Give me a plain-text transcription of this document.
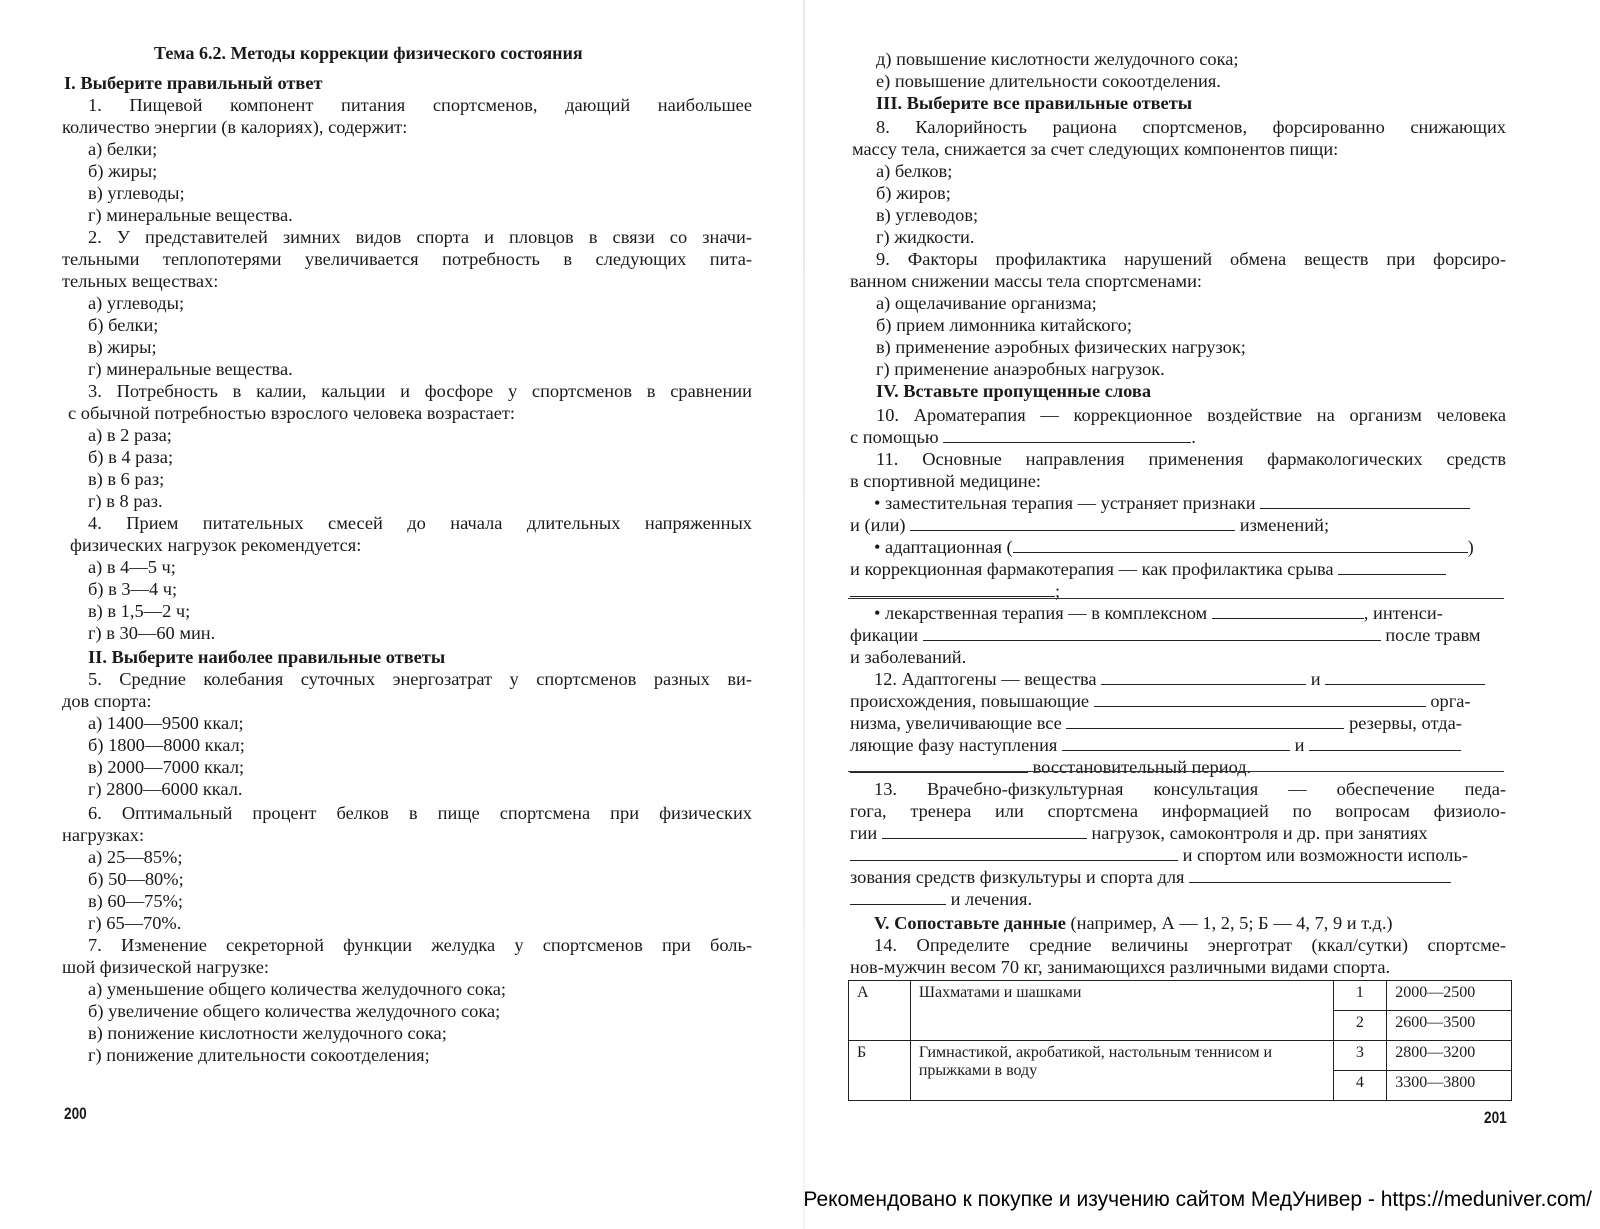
Тема 6.2. Методы коррекции физического состояния
I. Выберите правильный ответ
1. Пищевой компонент питания спортсменов, дающий наибольшее
количество энергии (в калориях), содержит:
а) белки;
б) жиры;
в) углеводы;
г) минеральные вещества.
2. У представителей зимних видов спорта и пловцов в связи со значи-
тельными теплопотерями увеличивается потребность в следующих пита-
тельных веществах:
а) углеводы;
б) белки;
в) жиры;
г) минеральные вещества.
3. Потребность в калии, кальции и фосфоре у спортсменов в сравнении
с обычной потребностью взрослого человека возрастает:
а) в 2 раза;
б) в 4 раза;
в) в 6 раз;
г) в 8 раз.
4. Прием питательных смесей до начала длительных напряженных
физических нагрузок рекомендуется:
а) в 4—5 ч;
б) в 3—4 ч;
в) в 1,5—2 ч;
г) в 30—60 мин.
II. Выберите наиболее правильные ответы
5. Средние колебания суточных энергозатрат у спортсменов разных ви-
дов спорта:
а) 1400—9500 ккал;
б) 1800—8000 ккал;
в) 2000—7000 ккал;
г) 2800—6000 ккал.
6. Оптимальный процент белков в пище спортсмена при физических
нагрузках:
а) 25—85%;
б) 50—80%;
в) 60—75%;
г) 65—70%.
7. Изменение секреторной функции желудка у спортсменов при боль-
шой физической нагрузке:
а) уменьшение общего количества желудочного сока;
б) увеличение общего количества желудочного сока;
в) понижение кислотности желудочного сока;
г) понижение длительности сокоотделения;
200
д) повышение кислотности желудочного сока;
е) повышение длительности сокоотделения.
III. Выберите все правильные ответы
8. Калорийность рациона спортсменов, форсированно снижающих
массу тела, снижается за счет следующих компонентов пищи:
а) белков;
б) жиров;
в) углеводов;
г) жидкости.
9. Факторы профилактика нарушений обмена веществ при форсиро-
ванном снижении массы тела спортсменами:
а) ощелачивание организма;
б) прием лимонника китайского;
в) применение аэробных физических нагрузок;
г) применение анаэробных нагрузок.
IV. Вставьте пропущенные слова
10. Ароматерапия — коррекционное воздействие на организм человека
с помощью	.
11. Основные направления применения фармакологических средств
в спортивной медицине:
• заместительная терапия — устраняет признаки
и (или)	изменений;
• адаптационная (	)
и коррекционная фармакотерапия — как профилактика срыва
;
• лекарственная терапия — в комплексном	, интенси-
фикации	после травм
и заболеваний.
12. Адаптогены — вещества	и
происхождения, повышающие	орга-
низма, увеличивающие все	резервы, отда-
ляющие фазу наступления	и
восстановительный период.
13. Врачебно-физкультурная консультация — обеспечение педа-
гога, тренера или спортсмена информацией по вопросам физиоло-
гии	нагрузок, самоконтроля и др. при занятиях
и спортом или возможности исполь-
зования средств физкультуры и спорта для
и лечения.
V. Сопоставьте данные (например, А — 1, 2, 5; Б — 4, 7, 9 и т.д.)
14. Определите средние величины энерготрат (ккал/сутки) спортсме-
нов-мужчин весом 70 кг, занимающихся различными видами спорта.
А	Шахматами и шашками	1	2000—2500
		2	2600—3500
Б	Гимнастикой, акробатикой, настольным теннисом и прыжками в воду	3	2800—3200
		4	3300—3800
201
Рекомендовано к покупке и изучению сайтом МедУнивер - https://meduniver.com/
